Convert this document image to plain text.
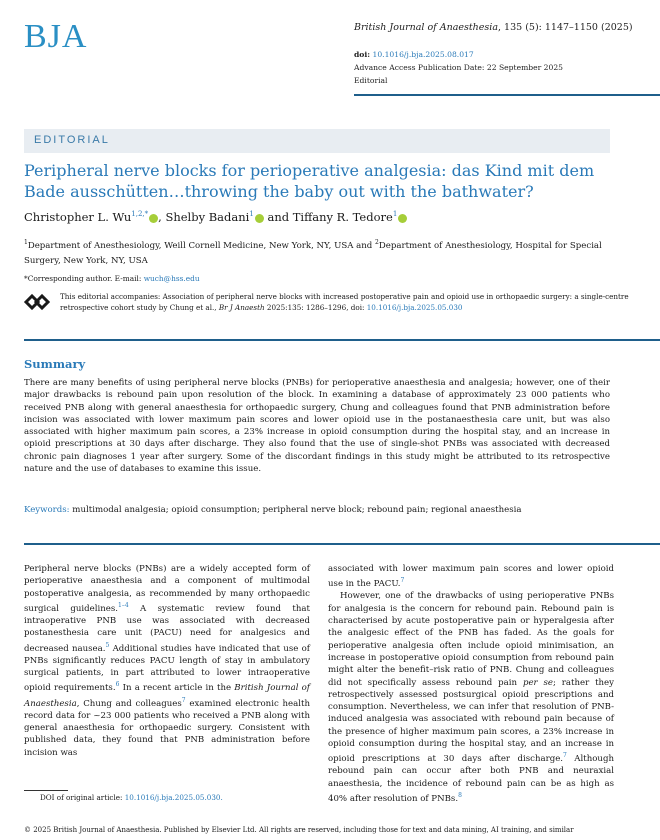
BJA	British Journal of Anaesthesia, 135 (5): 1147–1150 (2025)
doi: 10.1016/j.bja.2025.08.017
Advance Access Publication Date: 22 September 2025
Editorial
EDITORIAL
Peripheral nerve blocks for perioperative analgesia: das Kind mit dem Bade ausschütten…throwing the baby out with the bathwater?
Christopher L. $Wu^{1,2,*}$ , Shelby Badani$^1$ and Tiffany R. Tedore$^1$
$^1$Department of Anesthesiology, Weill Cornell Medicine, New York, NY, USA and $^2$Department of Anesthesiology, Hospital for Special Surgery, New York, NY, USA
*Corresponding author. E-mail: wuch@hss.edu
This editorial accompanies: Association of peripheral nerve blocks with increased postoperative pain and opioid use in orthopaedic surgery: a single-centre retrospective cohort study by Chung et al., Br J Anaesth 2025:135: 1286–1296, doi: 10.1016/j.bja.2025.05.030
Summary
There are many benefits of using peripheral nerve blocks (PNBs) for perioperative anaesthesia and analgesia; however, one of their major drawbacks is rebound pain upon resolution of the block. In examining a database of approximately 23 000 patients who received PNB along with general anaesthesia for orthopaedic surgery, Chung and colleagues found that PNB administration before incision was associated with lower maximum pain scores and lower opioid use in the postanaesthesia care unit, but was also associated with higher maximum pain scores, a 23% increase in opioid consumption during the hospital stay, and an increase in opioid prescriptions at 30 days after discharge. They also found that the use of single-shot PNBs was associated with decreased chronic pain diagnoses 1 year after surgery. Some of the discordant findings in this study might be attributed to its retrospective nature and the use of databases to examine this issue.
Keywords: multimodal analgesia; opioid consumption; peripheral nerve block; rebound pain; regional anaesthesia

Peripheral nerve blocks (PNBs) are a widely accepted form of perioperative anaesthesia and a component of multimodal postoperative analgesia, as recommended by many orthopaedic surgical guidelines.$^{1-4}$ A systematic review found that intraoperative PNB use was associated with decreased postanesthesia care unit (PACU) need for analgesics and decreased nausea.$^5$ Additional studies have indicated that use of PNBs significantly reduces PACU length of stay in ambulatory surgical patients, in part attributed to lower intraoperative opioid requirements.$^6$ In a recent article in the British Journal of Anaesthesia, Chung and colleagues$^7$ examined electronic health record data for ~23 000 patients who received a PNB along with general anaesthesia for orthopaedic surgery. Consistent with published data, they found that PNB administration before incision was

associated with lower maximum pain scores and lower opioid use in the PACU.$^7$

However, one of the drawbacks of using perioperative PNBs for analgesia is the concern for rebound pain. Rebound pain is characterised by acute postoperative pain or hyperalgesia after the analgesic effect of the PNB has faded. As the goals for perioperative analgesia often include opioid minimisation, an increase in postoperative opioid consumption from rebound pain might alter the benefit–risk ratio of PNB. Chung and colleagues did not specifically assess rebound pain per se; rather they retrospectively assessed postsurgical opioid prescriptions and consumption. Nevertheless, we can infer that resolution of PNB-induced analgesia was associated with rebound pain because of the presence of higher maximum pain scores, a 23% increase in opioid consumption during the hospital stay, and an increase in opioid prescriptions at 30 days after discharge.$^7$ Although rebound pain can occur after both PNB and neuraxial anaesthesia, the incidence of rebound pain can be as high as 40% after resolution of PNBs.$^8$

DOI of original article: 10.1016/j.bja.2025.05.030.
© 2025 British Journal of Anaesthesia. Published by Elsevier Ltd. All rights are reserved, including those for text and data mining, AI training, and similar
